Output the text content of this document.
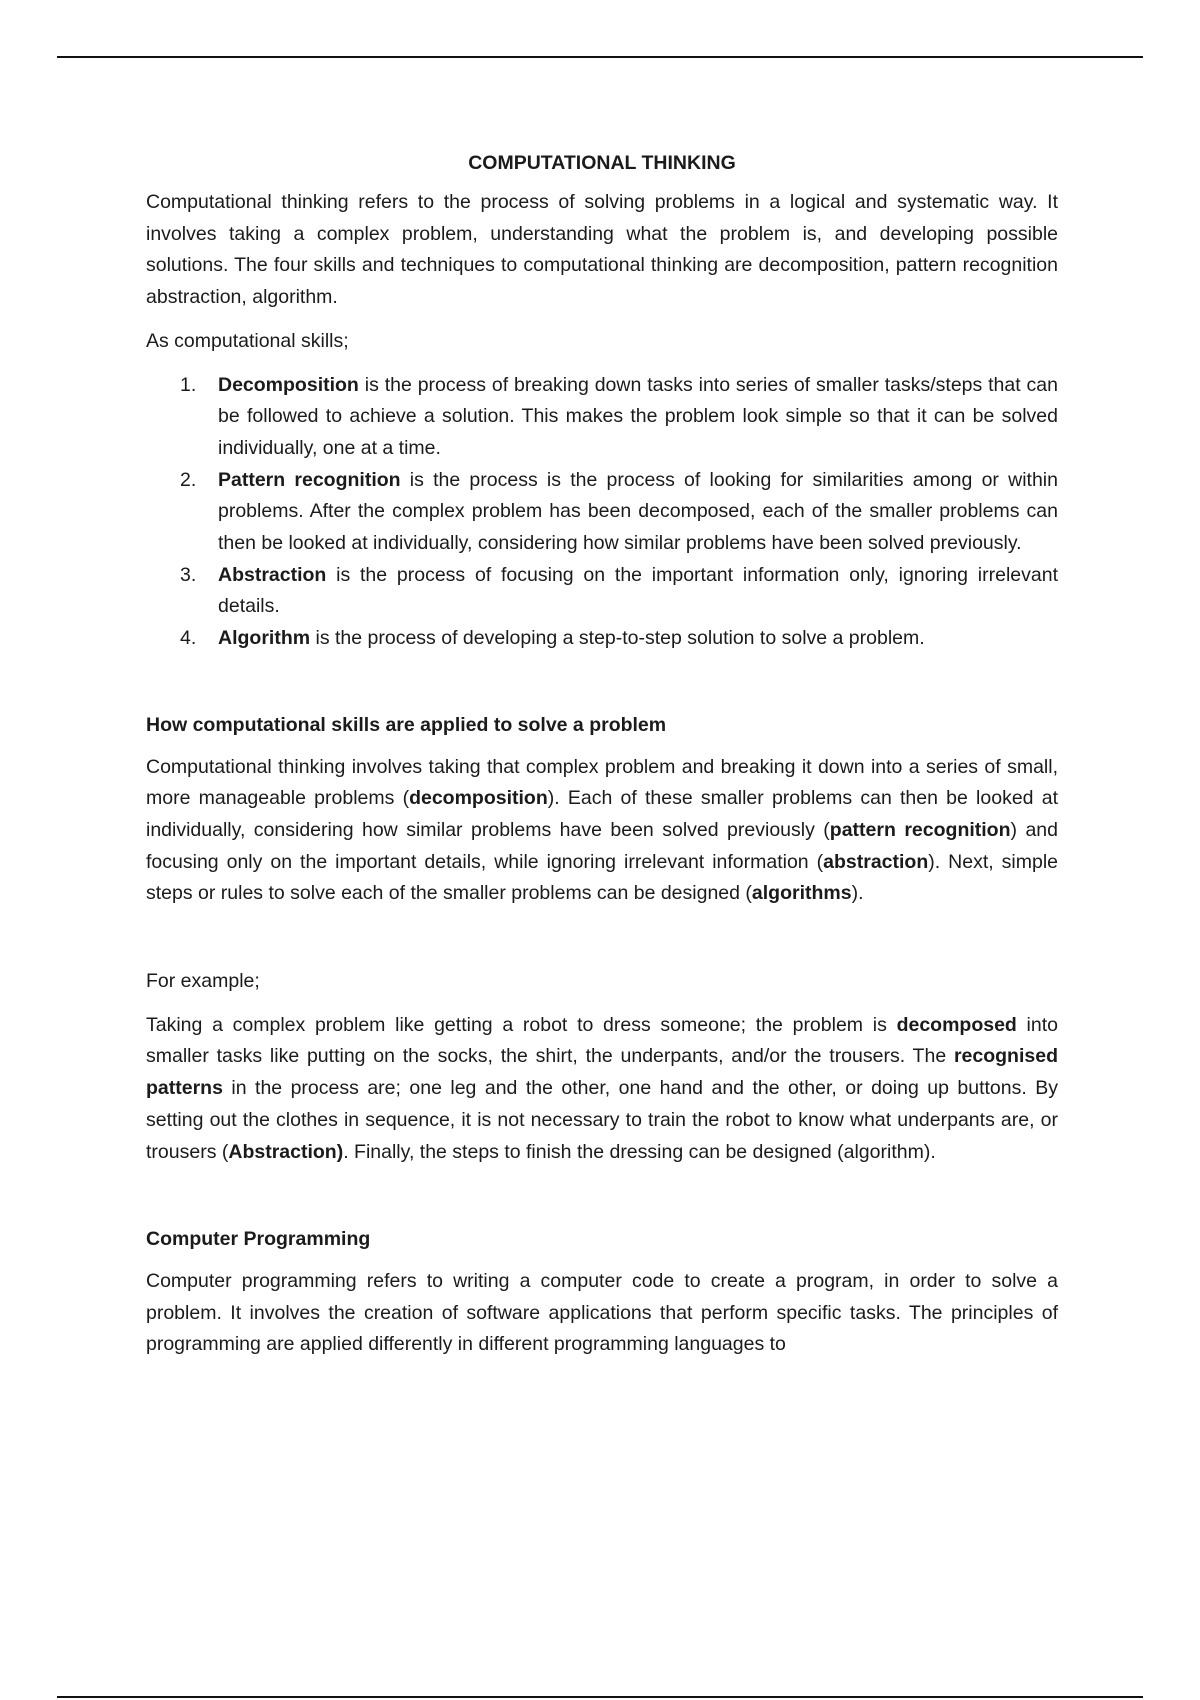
COMPUTATIONAL THINKING

Computational thinking refers to the process of solving problems in a logical and systematic way. It involves taking a complex problem, understanding what the problem is, and developing possible solutions. The four skills and techniques to computational thinking are decomposition, pattern recognition abstraction, algorithm.

As computational skills;

1.	Decomposition is the process of breaking down tasks into series of smaller tasks/steps that can be followed to achieve a solution. This makes the problem look simple so that it can be solved individually, one at a time.
2.	Pattern recognition is the process is the process of looking for similarities among or within problems. After the complex problem has been decomposed, each of the smaller problems can then be looked at individually, considering how similar problems have been solved previously.
3.	Abstraction is the process of focusing on the important information only, ignoring irrelevant details.
4.	Algorithm is the process of developing a step-to-step solution to solve a problem.

How computational skills are applied to solve a problem

Computational thinking involves taking that complex problem and breaking it down into a series of small, more manageable problems (decomposition). Each of these smaller problems can then be looked at individually, considering how similar problems have been solved previously (pattern recognition) and focusing only on the important details, while ignoring irrelevant information (abstraction). Next, simple steps or rules to solve each of the smaller problems can be designed (algorithms).

For example;

Taking a complex problem like getting a robot to dress someone; the problem is decomposed into smaller tasks like putting on the socks, the shirt, the underpants, and/or the trousers. The recognised patterns in the process are; one leg and the other, one hand and the other, or doing up buttons. By setting out the clothes in sequence, it is not necessary to train the robot to know what underpants are, or trousers (Abstraction). Finally, the steps to finish the dressing can be designed (algorithm).

Computer Programming

Computer programming refers to writing a computer code to create a program, in order to solve a problem. It involves the creation of software applications that perform specific tasks. The principles of programming are applied differently in different programming languages to
